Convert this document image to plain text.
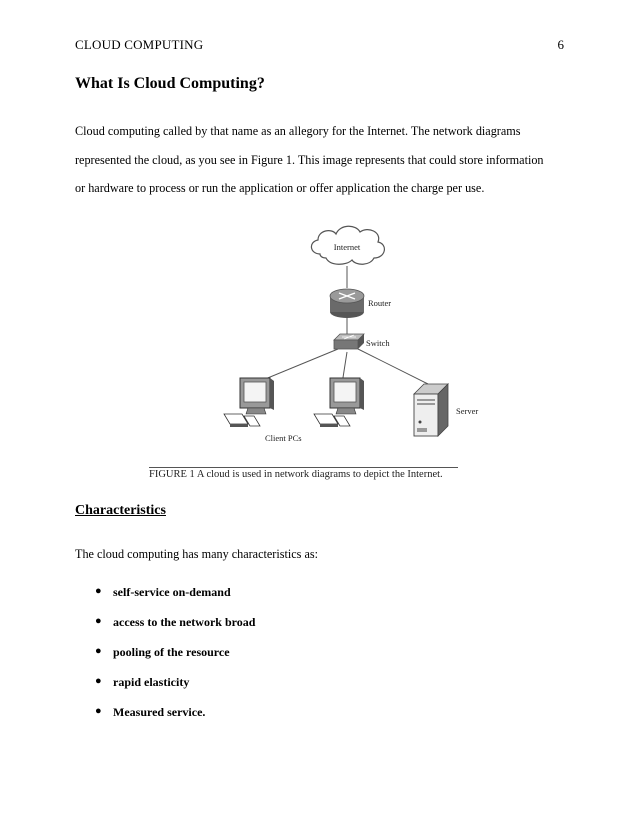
CLOUD COMPUTING	6
What Is Cloud Computing?
Cloud computing called by that name as an allegory for the Internet. The network diagrams
represented the cloud, as you see in Figure 1. This image represents that could store information
or hardware to process or run the application or offer application the charge per use.
Internet
Router
Switch
Server
Client PCs
FIGURE 1 A cloud is used in network diagrams to depict the Internet.
Characteristics
The cloud computing has many characteristics as:
● self-service on-demand
● access to the network broad
● pooling of the resource
● rapid elasticity
● Measured service.
